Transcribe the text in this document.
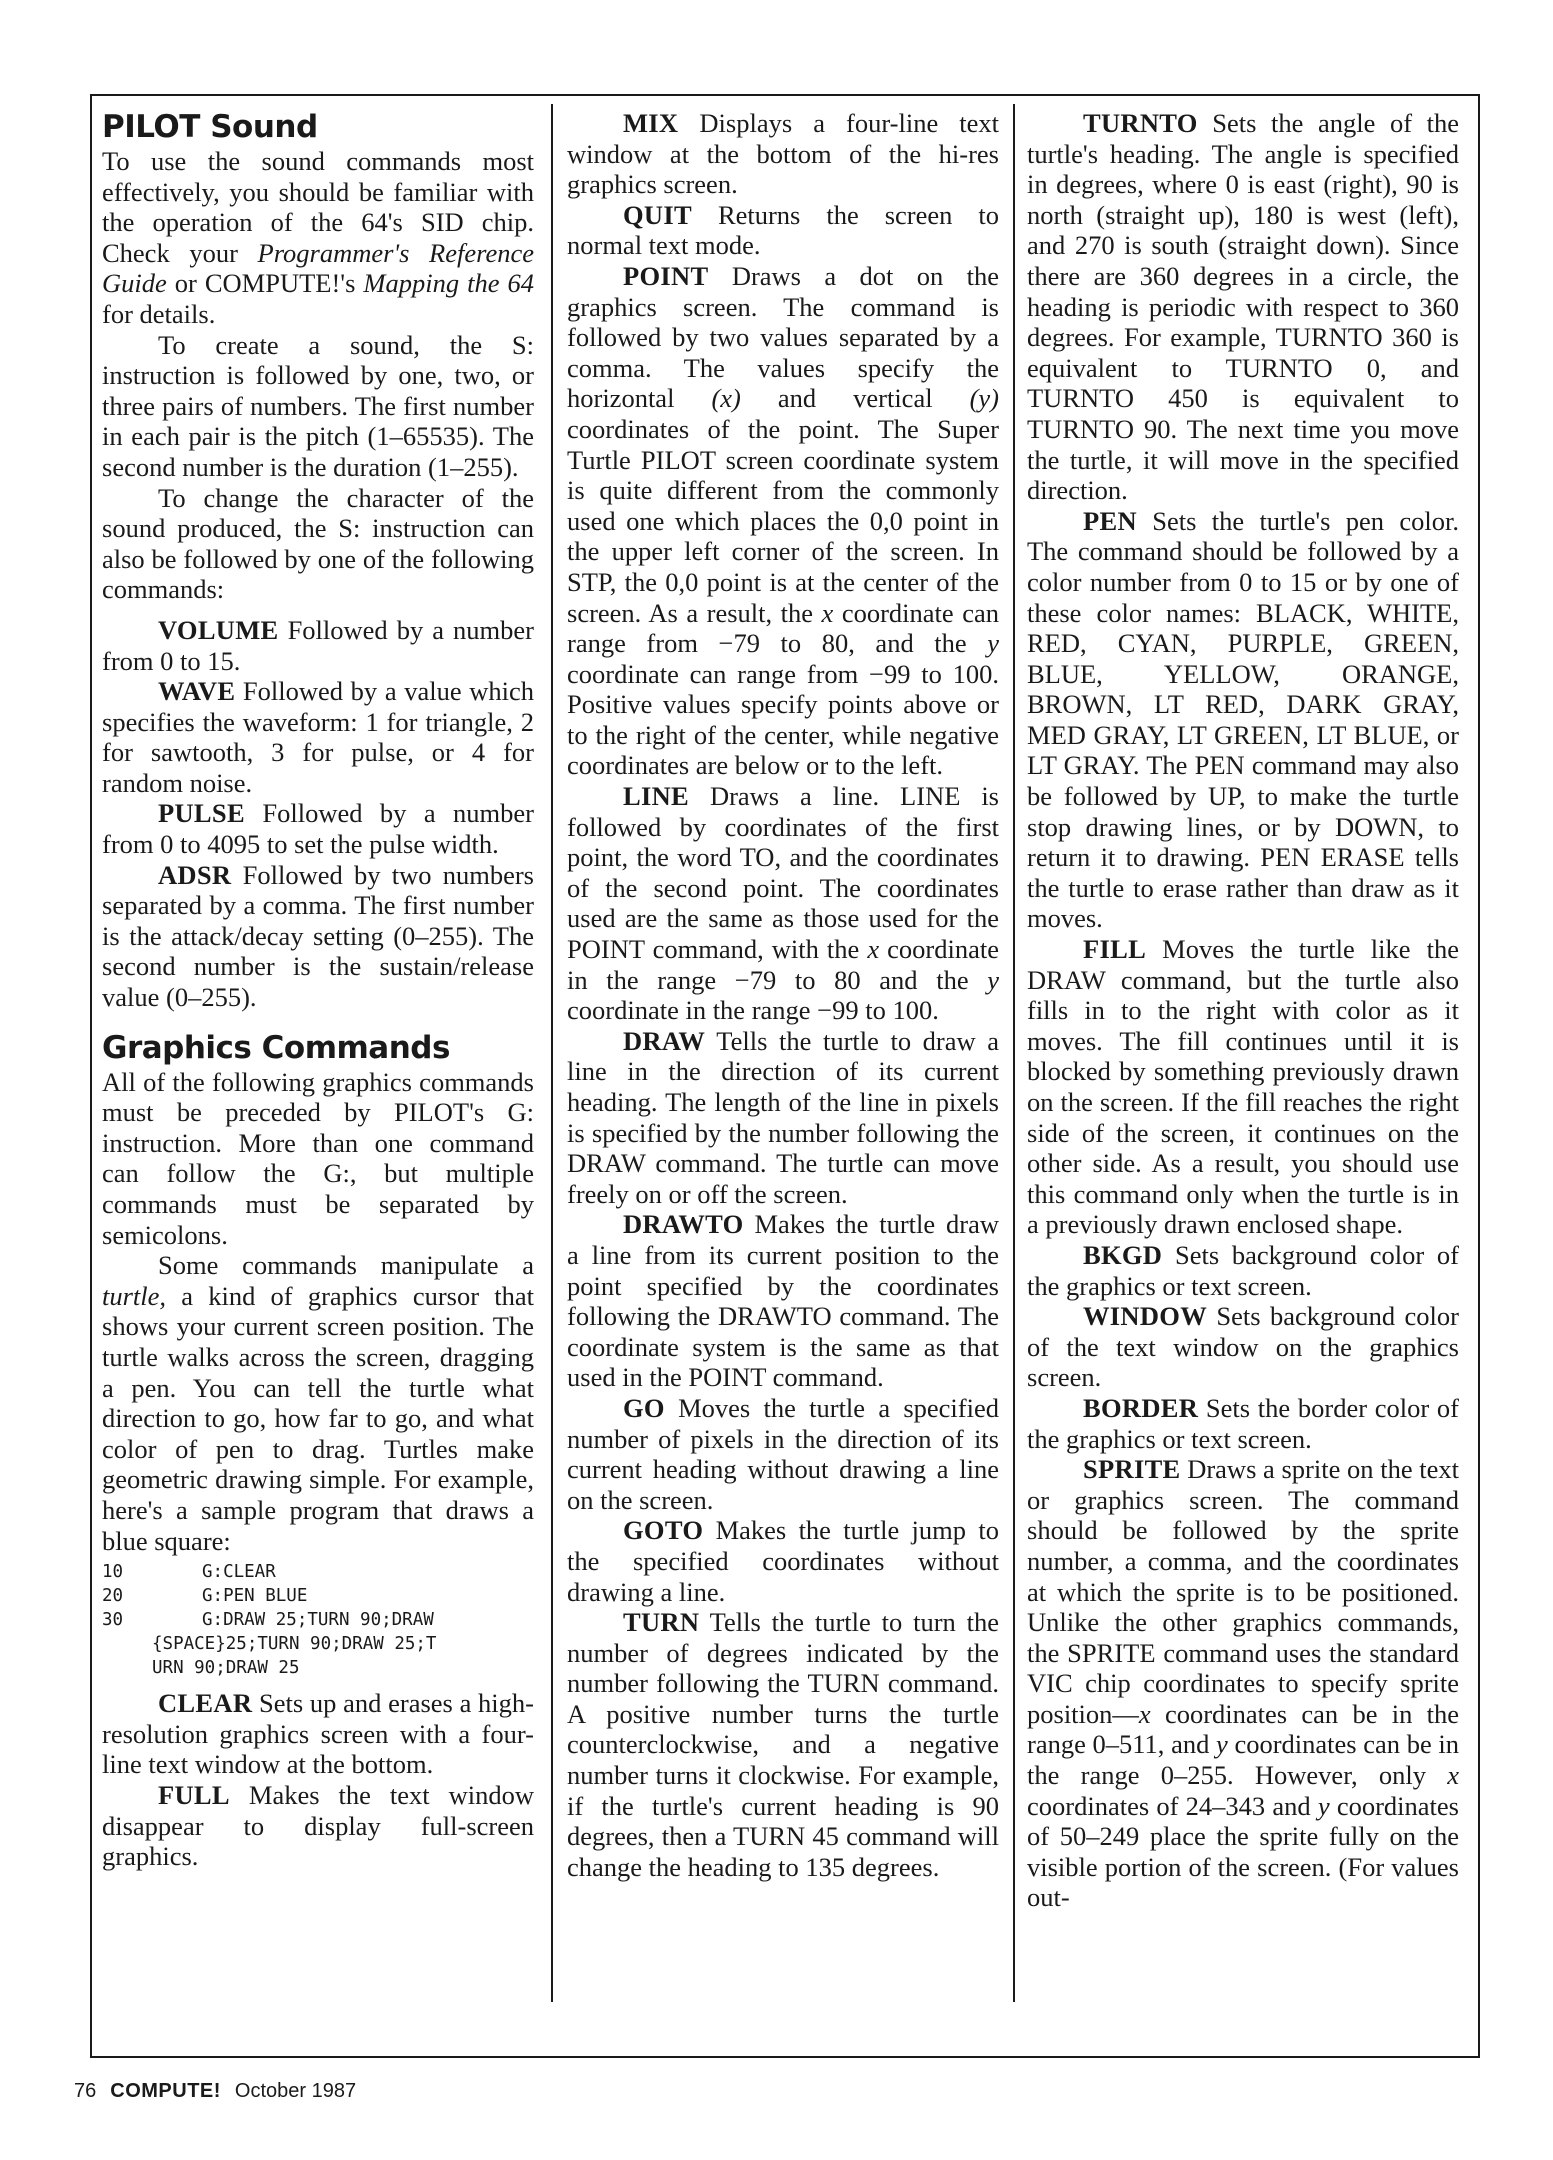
PILOT Sound

To use the sound commands most effectively, you should be familiar with the operation of the 64's SID chip. Check your Programmer's Reference Guide or COMPUTE!'s Mapping the 64 for details.

To create a sound, the S: instruction is followed by one, two, or three pairs of numbers. The first number in each pair is the pitch (1–65535). The second number is the duration (1–255).

To change the character of the sound produced, the S: instruction can also be followed by one of the following commands:

VOLUME Followed by a number from 0 to 15.

WAVE Followed by a value which specifies the waveform: 1 for triangle, 2 for sawtooth, 3 for pulse, or 4 for random noise.

PULSE Followed by a number from 0 to 4095 to set the pulse width.

ADSR Followed by two numbers separated by a comma. The first number is the attack/decay setting (0–255). The second number is the sustain/release value (0–255).

Graphics Commands

All of the following graphics commands must be preceded by PILOT's G: instruction. More than one command can follow the G:, but multiple commands must be separated by semicolons.

Some commands manipulate a turtle, a kind of graphics cursor that shows your current screen position. The turtle walks across the screen, dragging a pen. You can tell the turtle what direction to go, how far to go, and what color of pen to drag. Turtles make geometric drawing simple. For example, here's a sample program that draws a blue square:

10	G:CLEAR
20	G:PEN BLUE
30	G:DRAW 25;TURN 90;DRAW
{SPACE}25;TURN 90;DRAW 25;T
URN 90;DRAW 25

CLEAR Sets up and erases a high-resolution graphics screen with a four-line text window at the bottom.

FULL Makes the text window disappear to display full-screen graphics.

MIX Displays a four-line text window at the bottom of the hi-res graphics screen.

QUIT Returns the screen to normal text mode.

POINT Draws a dot on the graphics screen. The command is followed by two values separated by a comma. The values specify the horizontal (x) and vertical (y) coordinates of the point. The Super Turtle PILOT screen coordinate system is quite different from the commonly used one which places the 0,0 point in the upper left corner of the screen. In STP, the 0,0 point is at the center of the screen. As a result, the x coordinate can range from −79 to 80, and the y coordinate can range from −99 to 100. Positive values specify points above or to the right of the center, while negative coordinates are below or to the left.

LINE Draws a line. LINE is followed by coordinates of the first point, the word TO, and the coordinates of the second point. The coordinates used are the same as those used for the POINT command, with the x coordinate in the range −79 to 80 and the y coordinate in the range −99 to 100.

DRAW Tells the turtle to draw a line in the direction of its current heading. The length of the line in pixels is specified by the number following the DRAW command. The turtle can move freely on or off the screen.

DRAWTO Makes the turtle draw a line from its current position to the point specified by the coordinates following the DRAWTO command. The coordinate system is the same as that used in the POINT command.

GO Moves the turtle a specified number of pixels in the direction of its current heading without drawing a line on the screen.

GOTO Makes the turtle jump to the specified coordinates without drawing a line.

TURN Tells the turtle to turn the number of degrees indicated by the number following the TURN command. A positive number turns the turtle counterclockwise, and a negative number turns it clockwise. For example, if the turtle's current heading is 90 degrees, then a TURN 45 command will change the heading to 135 degrees.

TURNTO Sets the angle of the turtle's heading. The angle is specified in degrees, where 0 is east (right), 90 is north (straight up), 180 is west (left), and 270 is south (straight down). Since there are 360 degrees in a circle, the heading is periodic with respect to 360 degrees. For example, TURNTO 360 is equivalent to TURNTO 0, and TURNTO 450 is equivalent to TURNTO 90. The next time you move the turtle, it will move in the specified direction.

PEN Sets the turtle's pen color. The command should be followed by a color number from 0 to 15 or by one of these color names: BLACK, WHITE, RED, CYAN, PURPLE, GREEN, BLUE, YELLOW, ORANGE, BROWN, LT RED, DARK GRAY, MED GRAY, LT GREEN, LT BLUE, or LT GRAY. The PEN command may also be followed by UP, to make the turtle stop drawing lines, or by DOWN, to return it to drawing. PEN ERASE tells the turtle to erase rather than draw as it moves.

FILL Moves the turtle like the DRAW command, but the turtle also fills in to the right with color as it moves. The fill continues until it is blocked by something previously drawn on the screen. If the fill reaches the right side of the screen, it continues on the other side. As a result, you should use this command only when the turtle is in a previously drawn enclosed shape.

BKGD Sets background color of the graphics or text screen.

WINDOW Sets background color of the text window on the graphics screen.

BORDER Sets the border color of the graphics or text screen.

SPRITE Draws a sprite on the text or graphics screen. The command should be followed by the sprite number, a comma, and the coordinates at which the sprite is to be positioned. Unlike the other graphics commands, the SPRITE command uses the standard VIC chip coordinates to specify sprite position—x coordinates can be in the range 0–511, and y coordinates can be in the range 0–255. However, only x coordinates of 24–343 and y coordinates of 50–249 place the sprite fully on the visible portion of the screen. (For values out-

76 COMPUTE! October 1987
